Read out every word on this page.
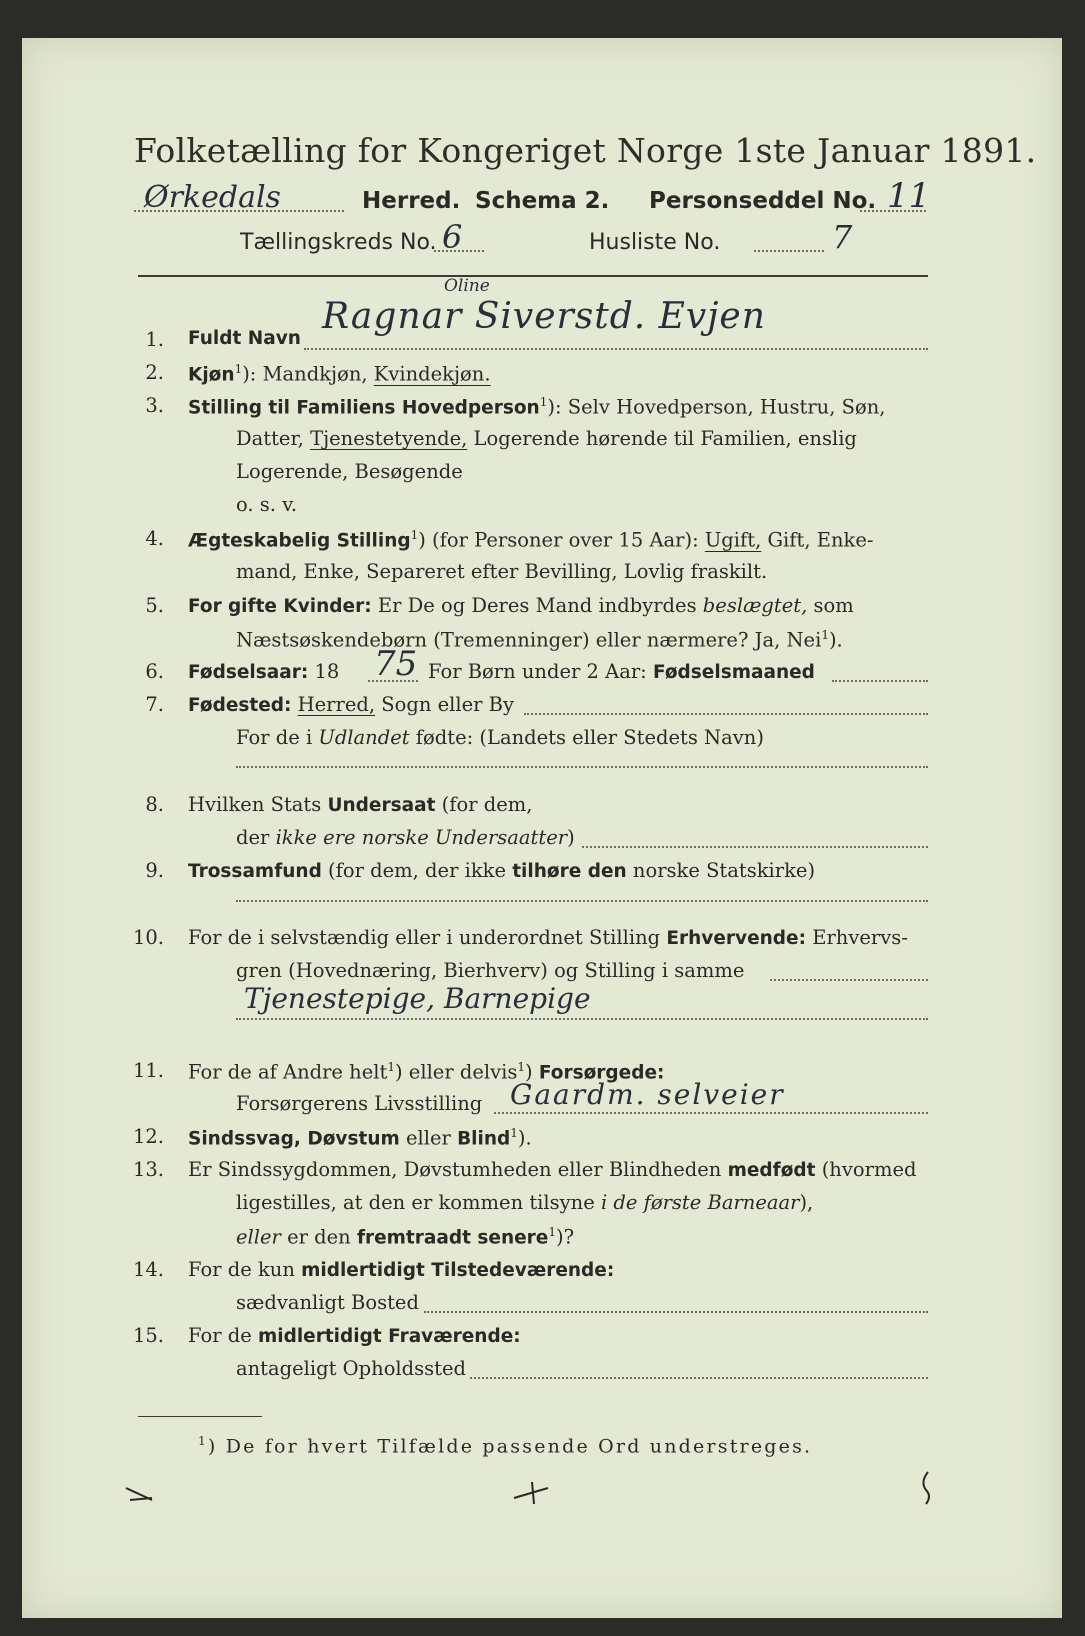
Folketælling for Kongeriget Norge 1ste Januar 1891.
Ørkedals	Herred. Schema 2. Personseddel No. 11
Tællingskreds No. 6	Husliste No.	7
1. Fuldt Navn
Oline
Ragnar Siverstd. Evjen
2. Kjøn$^1$): Mandkjøn, Kvindekjøn.
3. Stilling til Familiens Hovedperson$^1$): Selv Hovedperson, Hustru, Søn,
Datter, Tjenestetyende, Logerende hørende til Familien, enslig
Logerende, Besøgende
o. s. v.
4. Ægteskabelig Stilling$^1$) (for Personer over 15 Aar): Ugift, Gift, Enke-
mand, Enke, Separeret efter Bevilling, Lovlig fraskilt.
5. For gifte Kvinder: Er De og Deres Mand indbyrdes beslægtet, som
Næstsøskendebørn (Tremenninger) eller nærmere? Ja, Nei$^1$).
6. Fødselsaar: 18	For Børn under 2 Aar: Fødselsmaaned
75
7. Fødested: Herred, Sogn eller By
For de i Udlandet fødte: (Landets eller Stedets Navn)
8. Hvilken Stats Undersaat (for dem,
der ikke ere norske Undersaatter)
9. Trossamfund (for dem, der ikke tilhøre den norske Statskirke)
10. For de i selvstændig eller i underordnet Stilling Erhvervende: Erhvervs-
gren (Hovednæring, Bierhverv) og Stilling i samme
Tjenestepige, Barnepige
11. For de af Andre helt$^1$) eller delvis$^1$) Forsørgede:
Forsørgerens Livsstilling Gaardm. selveier
12. Sindssvag, Døvstum eller Blind$^1$).
13. Er Sindssygdommen, Døvstumheden eller Blindheden medfødt (hvormed
ligestilles, at den er kommen tilsyne i de første Barneaar),
eller er den fremtraadt senere$^1$)?
14. For de kun midlertidigt Tilstedeværende:
sædvanligt Bosted
15. For de midlertidigt Fraværende:
antageligt Opholdssted
$^1$) De for hvert Tilfælde passende Ord understreges.
